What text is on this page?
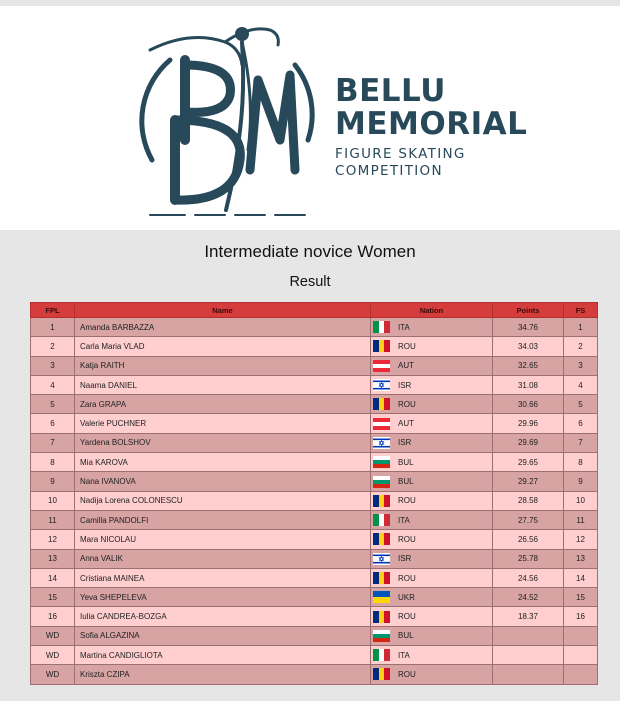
BELLU
MEMORIAL
FIGURE SKATING
COMPETITION
Intermediate novice Women
Result
FPL	Name	Nation	Points	FS
1	Amanda BARBAZZA	ITA	34.76	1
2	Carla Maria VLAD	ROU	34.03	2
3	Katja RAITH	AUT	32.65	3
4	Naama DANIEL	ISR	31.08	4
5	Zara GRAPA	ROU	30.66	5
6	Valerie PUCHNER	AUT	29.96	6
7	Yardena BOLSHOV	ISR	29.69	7
8	Mia KAROVA	BUL	29.65	8
9	Nana IVANOVA	BUL	29.27	9
10	Nadija Lorena COLONESCU	ROU	28.58	10
11	Camilla PANDOLFI	ITA	27.75	11
12	Mara NICOLAU	ROU	26.56	12
13	Anna VALIK	ISR	25.78	13
14	Cristiana MAINEA	ROU	24.56	14
15	Yeva SHEPELEVA	UKR	24.52	15
16	Iulia CANDREA-BOZGA	ROU	18.37	16
WD	Sofia ALGAZINA	BUL		

WD	Martina CANDIGLIOTA	ITA		

WD	Kriszta CZIPA	ROU		
